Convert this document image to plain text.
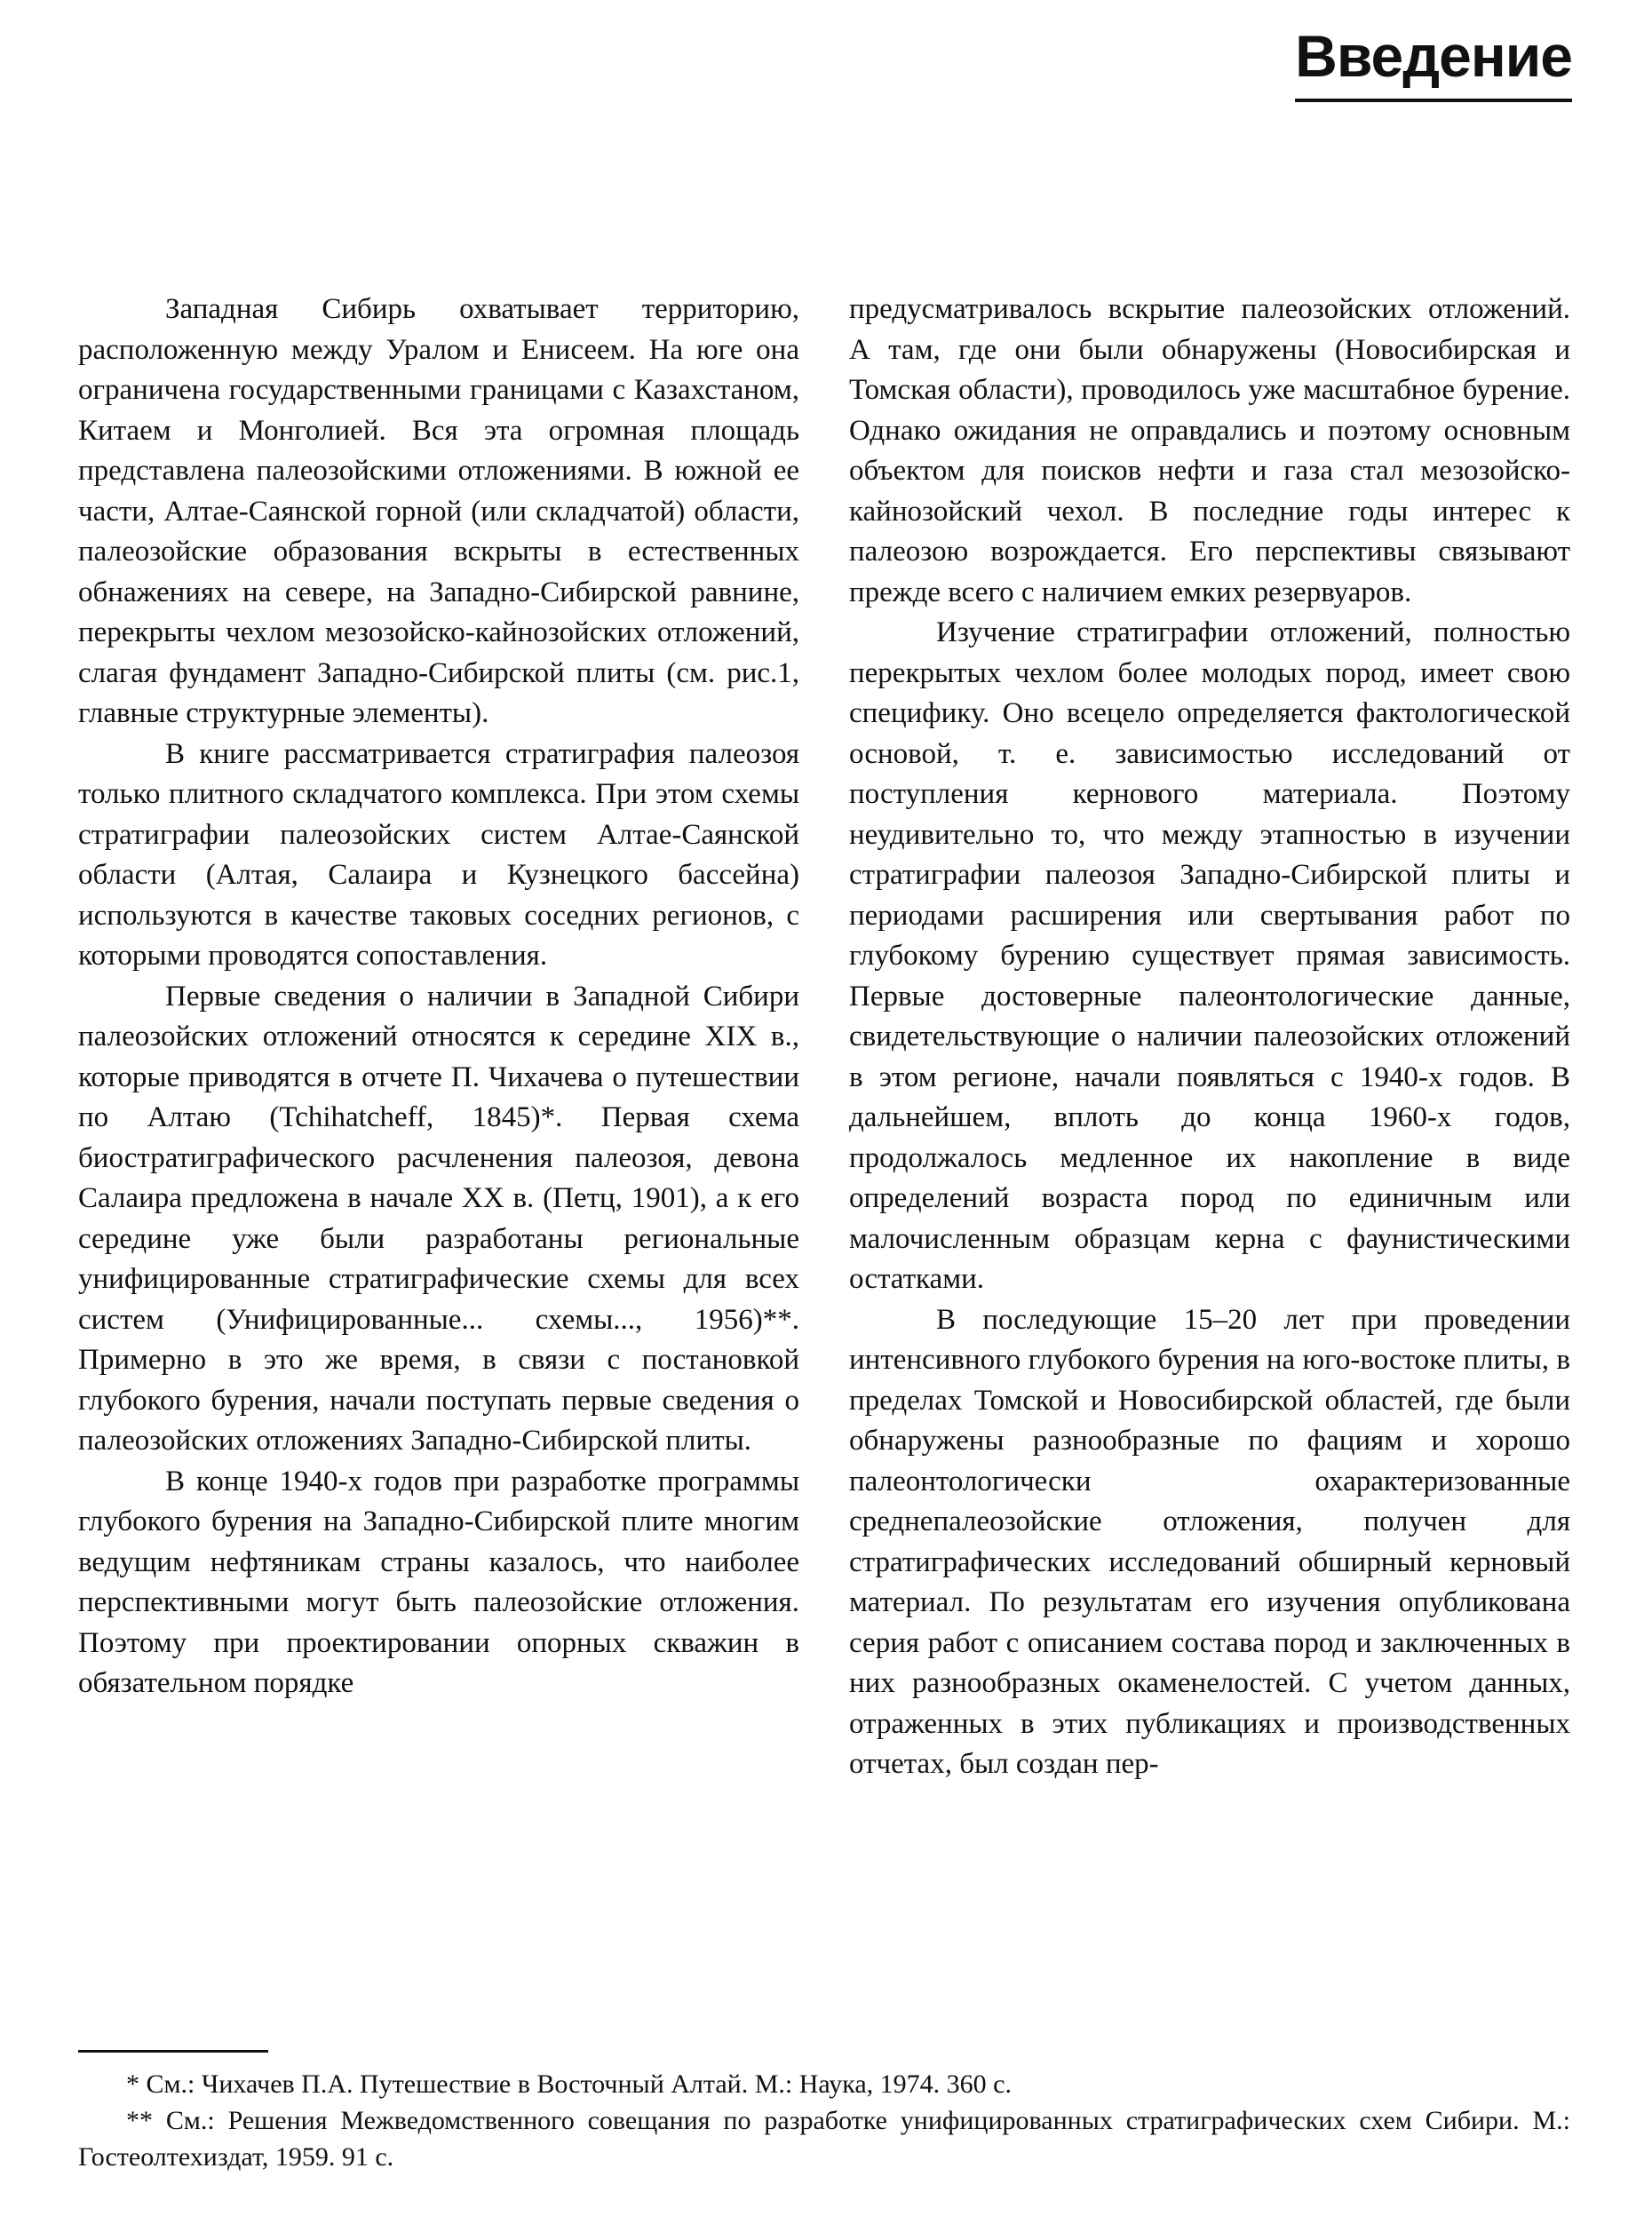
Введение

Западная Сибирь охватывает территорию, расположенную между Уралом и Енисеем. На юге она ограничена государственными границами с Казахстаном, Китаем и Монголией. Вся эта огромная площадь представлена палеозойскими отложениями. В южной ее части, Алтае-Саянской горной (или складчатой) области, палеозойские образования вскрыты в естественных обнажениях на севере, на Западно-Сибирской равнине, перекрыты чехлом мезозойско-кайнозойских отложений, слагая фундамент Западно-Сибирской плиты (см. рис.1, главные структурные элементы).

В книге рассматривается стратиграфия палеозоя только плитного складчатого комплекса. При этом схемы стратиграфии палеозойских систем Алтае-Саянской области (Алтая, Салаира и Кузнецкого бассейна) используются в качестве таковых соседних регионов, с которыми проводятся сопоставления.

Первые сведения о наличии в Западной Сибири палеозойских отложений относятся к середине XIX в., которые приводятся в отчете П. Чихачева о путешествии по Алтаю (Tchihatcheff, 1845)*. Первая схема биостратиграфического расчленения палеозоя, девона Салаира предложена в начале XX в. (Петц, 1901), а к его середине уже были разработаны региональные унифицированные стратиграфические схемы для всех систем (Унифицированные... схемы..., 1956)**. Примерно в это же время, в связи с постановкой глубокого бурения, начали поступать первые сведения о палеозойских отложениях Западно-Сибирской плиты.

В конце 1940-х годов при разработке программы глубокого бурения на Западно-Сибирской плите многим ведущим нефтяникам страны казалось, что наиболее перспективными могут быть палеозойские отложения. Поэтому при проектировании опорных скважин в обязательном порядке

предусматривалось вскрытие палеозойских отложений. А там, где они были обнаружены (Новосибирская и Томская области), проводилось уже масштабное бурение. Однако ожидания не оправдались и поэтому основным объектом для поисков нефти и газа стал мезозойско-кайнозойский чехол. В последние годы интерес к палеозою возрождается. Его перспективы связывают прежде всего с наличием емких резервуаров.

Изучение стратиграфии отложений, полностью перекрытых чехлом более молодых пород, имеет свою специфику. Оно всецело определяется фактологической основой, т. е. зависимостью исследований от поступления кернового материала. Поэтому неудивительно то, что между этапностью в изучении стратиграфии палеозоя Западно-Сибирской плиты и периодами расширения или свертывания работ по глубокому бурению существует прямая зависимость. Первые достоверные палеонтологические данные, свидетельствующие о наличии палеозойских отложений в этом регионе, начали появляться с 1940-х годов. В дальнейшем, вплоть до конца 1960-х годов, продолжалось медленное их накопление в виде определений возраста пород по единичным или малочисленным образцам керна с фаунистическими остатками.

В последующие 15–20 лет при проведении интенсивного глубокого бурения на юго-востоке плиты, в пределах Томской и Новосибирской областей, где были обнаружены разнообразные по фациям и хорошо палеонтологически охарактеризованные среднепалеозойские отложения, получен для стратиграфических исследований обширный керновый материал. По результатам его изучения опубликована серия работ с описанием состава пород и заключенных в них разнообразных окаменелостей. С учетом данных, отраженных в этих публикациях и производственных отчетах, был создан пер-

* См.: Чихачев П.А. Путешествие в Восточный Алтай. М.: Наука, 1974. 360 с.

** См.: Решения Межведомственного совещания по разработке унифицированных стратиграфических схем Сибири. М.: Гостеолтехиздат, 1959. 91 с.
